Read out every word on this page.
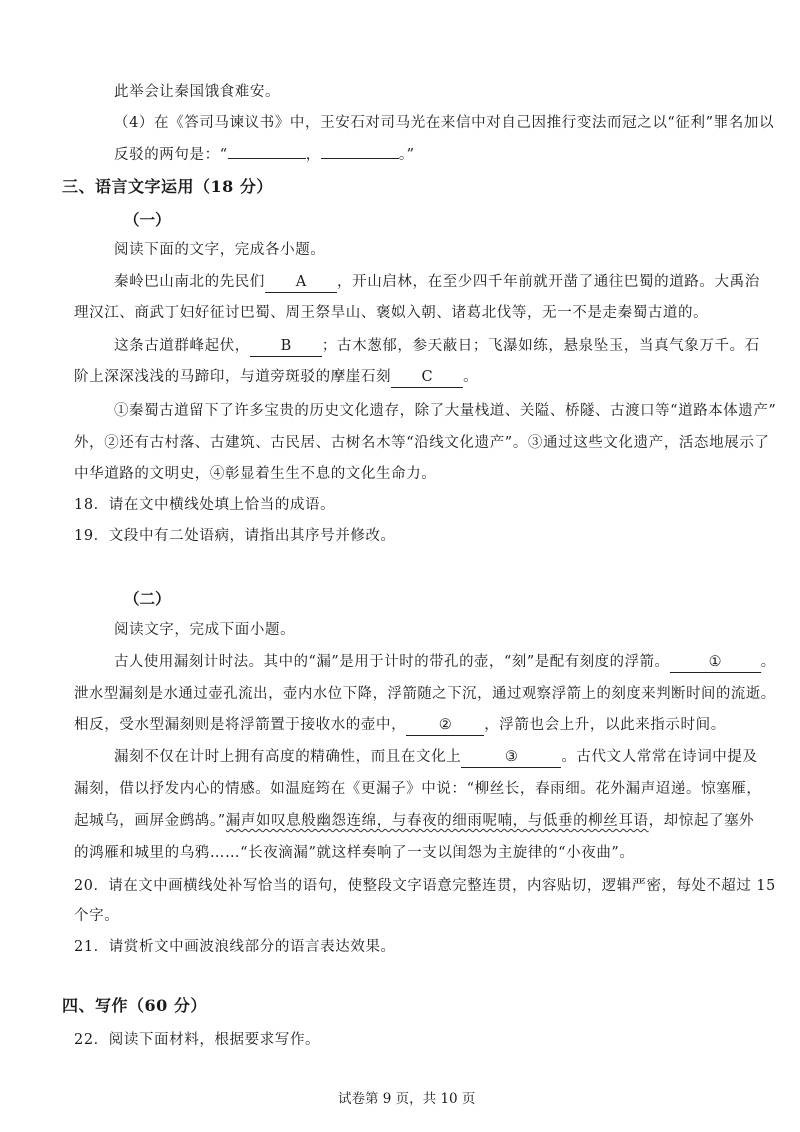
此举会让秦国饿食难安。
（4）在《答司马谏议书》中，王安石对司马光在来信中对自己因推行变法而冠之以“征利”罪名加以
反驳的两句是：“	，	。”
三、语言文字运用（18 分）
（一）
阅读下面的文字，完成各小题。
秦岭巴山南北的先民们 A ，开山启林，在至少四千年前就开凿了通往巴蜀的道路。大禹治
理汉江、商武丁妇好征讨巴蜀、周王祭旱山、褒姒入朝、诸葛北伐等，无一不是走秦蜀古道的。
这条古道群峰起伏， B ；古木葱郁，参天蔽日；飞瀑如练，悬泉坠玉，当真气象万千。石
阶上深深浅浅的马蹄印，与道旁斑驳的摩崖石刻 C 。
①秦蜀古道留下了许多宝贵的历史文化遗存，除了大量栈道、关隘、桥隧、古渡口等“道路本体遗产”
外，②还有古村落、古建筑、古民居、古树名木等“沿线文化遗产”。③通过这些文化遗产，活态地展示了
中华道路的文明史，④彰显着生生不息的文化生命力。
18．请在文中横线处填上恰当的成语。
19．文段中有二处语病，请指出其序号并修改。
（二）
阅读文字，完成下面小题。
古人使用漏刻计时法。其中的“漏”是用于计时的带孔的壶，“刻”是配有刻度的浮箭。	①	。
泄水型漏刻是水通过壶孔流出，壶内水位下降，浮箭随之下沉，通过观察浮箭上的刻度来判断时间的流逝。
相反，受水型漏刻则是将浮箭置于接收水的壶中， ② ，浮箭也会上升，以此来指示时间。
漏刻不仅在计时上拥有高度的精确性，而且在文化上	③	。古代文人常常在诗词中提及
漏刻，借以抒发内心的情感。如温庭筠在《更漏子》中说：“柳丝长，春雨细。花外漏声迢递。惊塞雁，
起城乌，画屏金鹧鸪。”漏声如叹息般幽怨连绵，与春夜的细雨呢喃，与低垂的柳丝耳语，却惊起了塞外
的鸿雁和城里的乌鸦……“长夜滴漏”就这样奏响了一支以闺怨为主旋律的“小夜曲”。
20．请在文中画横线处补写恰当的语句，使整段文字语意完整连贯，内容贴切，逻辑严密，每处不超过 15
个字。
21．请赏析文中画波浪线部分的语言表达效果。
四、写作（60 分）
22．阅读下面材料，根据要求写作。
试卷第 9 页，共 10 页
